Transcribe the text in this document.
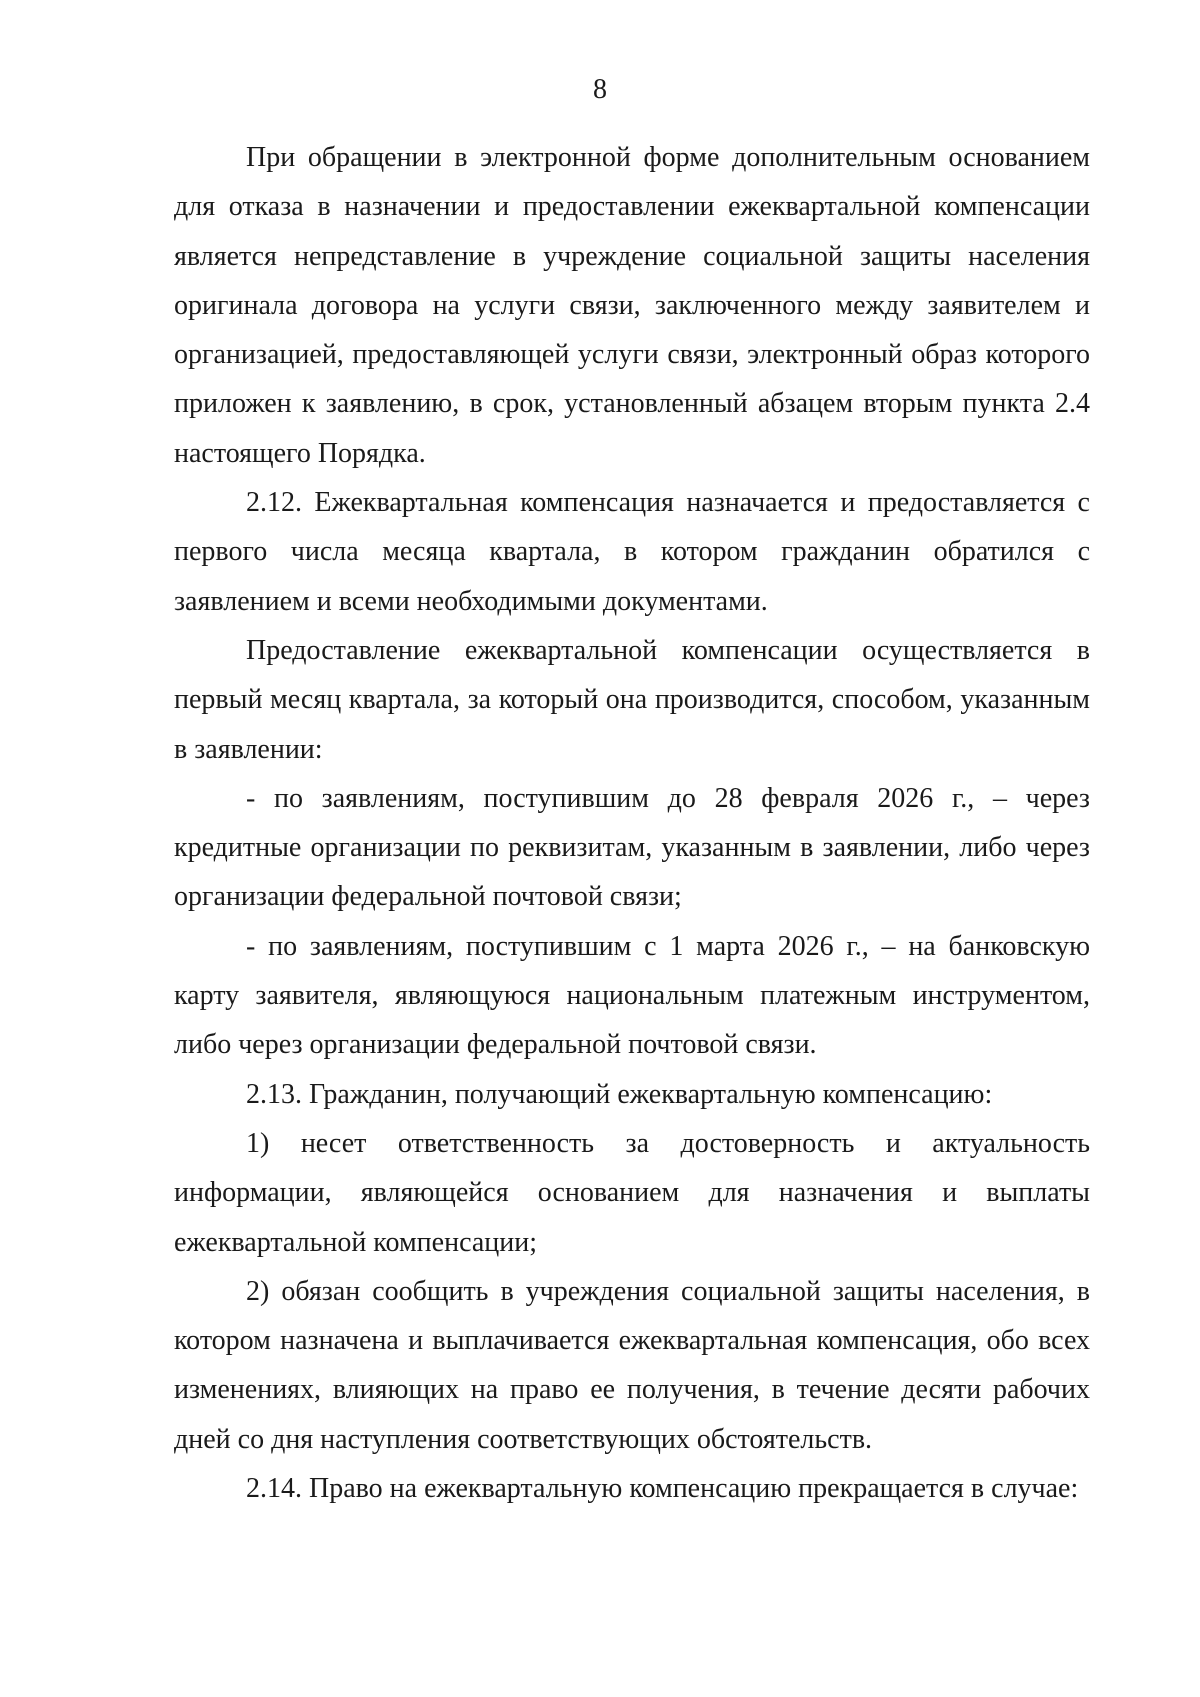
8

При обращении в электронной форме дополнительным основанием для отказа в назначении и предоставлении ежеквартальной компенсации является непредставление в учреждение социальной защиты населения оригинала договора на услуги связи, заключенного между заявителем и организацией, предоставляющей услуги связи, электронный образ которого приложен к заявлению, в срок, установленный абзацем вторым пункта 2.4 настоящего Порядка.

2.12. Ежеквартальная компенсация назначается и предоставляется с первого числа месяца квартала, в котором гражданин обратился с заявлением и всеми необходимыми документами.

Предоставление ежеквартальной компенсации осуществляется в первый месяц квартала, за который она производится, способом, указанным в заявлении:

- по заявлениям, поступившим до 28 февраля 2026 г., – через кредитные организации по реквизитам, указанным в заявлении, либо через организации федеральной почтовой связи;

- по заявлениям, поступившим с 1 марта 2026 г., – на банковскую карту заявителя, являющуюся национальным платежным инструментом, либо через организации федеральной почтовой связи.

2.13. Гражданин, получающий ежеквартальную компенсацию:

1) несет ответственность за достоверность и актуальность информации, являющейся основанием для назначения и выплаты ежеквартальной компенсации;

2) обязан сообщить в учреждения социальной защиты населения, в котором назначена и выплачивается ежеквартальная компенсация, обо всех изменениях, влияющих на право ее получения, в течение десяти рабочих дней со дня наступления соответствующих обстоятельств.

2.14. Право на ежеквартальную компенсацию прекращается в случае:
